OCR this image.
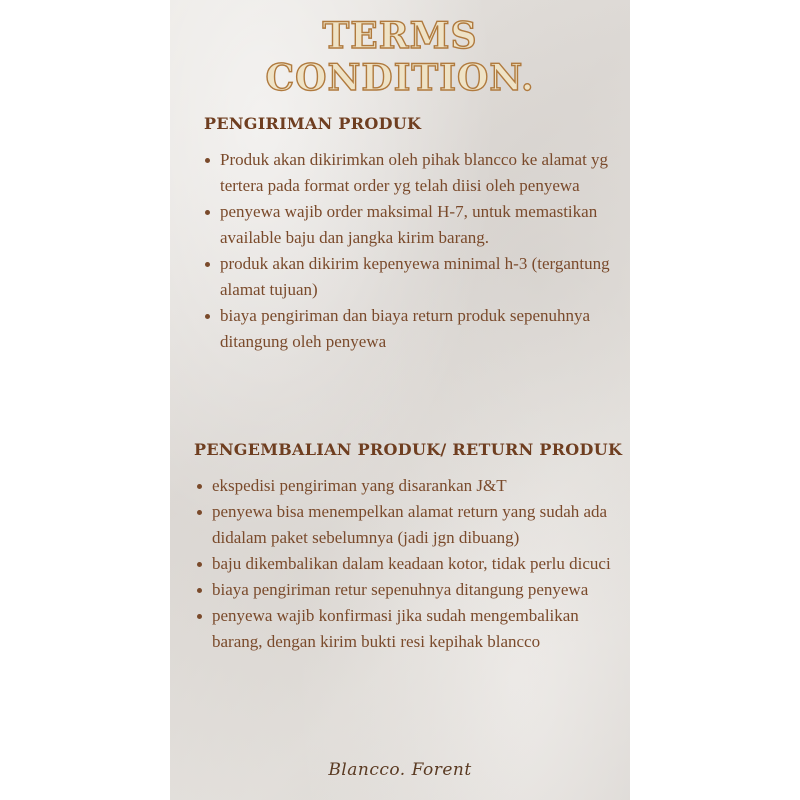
TERMS
CONDITION.
PENGIRIMAN PRODUK
Produk akan dikirimkan oleh pihak blancco ke alamat yg tertera pada format order yg telah diisi oleh penyewa
penyewa wajib order maksimal H-7, untuk memastikan available baju dan jangka kirim barang.
produk akan dikirim kepenyewa minimal h-3 (tergantung alamat tujuan)
biaya pengiriman dan biaya return produk sepenuhnya ditangung oleh penyewa
PENGEMBALIAN PRODUK/ RETURN PRODUK
ekspedisi pengiriman yang disarankan J&T
penyewa bisa menempelkan alamat return yang sudah ada didalam paket sebelumnya (jadi jgn dibuang)
baju dikembalikan dalam keadaan kotor, tidak perlu dicuci
biaya pengiriman retur sepenuhnya ditangung penyewa
penyewa wajib konfirmasi jika sudah mengembalikan barang, dengan kirim bukti resi kepihak blancco
Blancco. Forent
